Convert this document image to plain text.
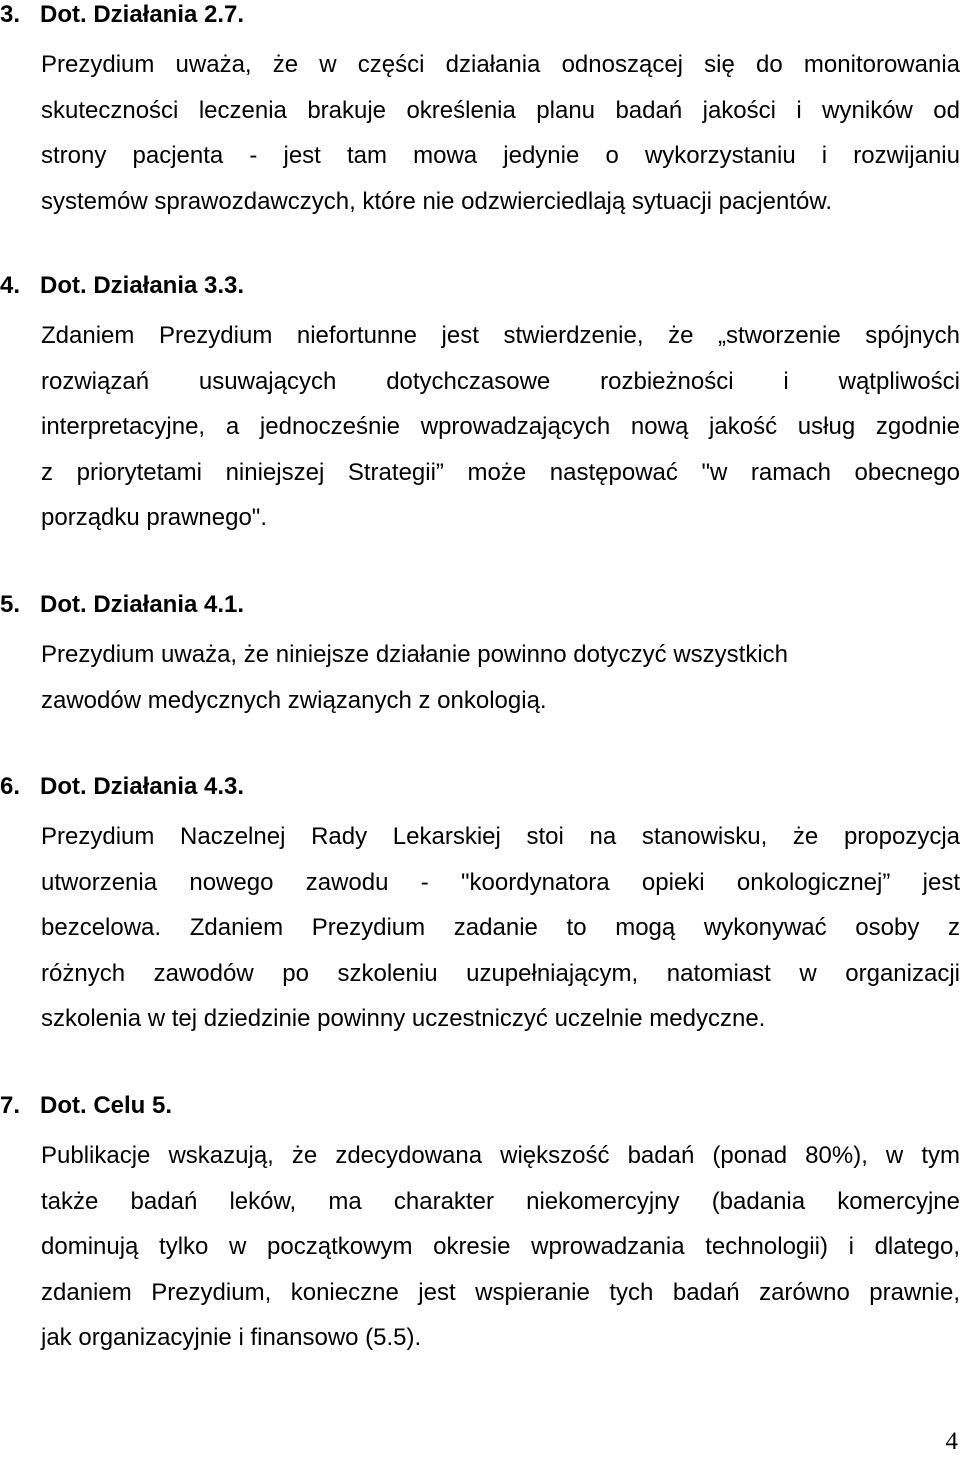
3. Dot. Działania 2.7.

Prezydium uważa, że w części działania odnoszącej się do monitorowania
skuteczności leczenia brakuje określenia planu badań jakości i wyników od
strony pacjenta - jest tam mowa jedynie o wykorzystaniu i rozwijaniu
systemów sprawozdawczych, które nie odzwierciedlają sytuacji pacjentów.

4. Dot. Działania 3.3.

Zdaniem Prezydium niefortunne jest stwierdzenie, że „stworzenie spójnych
rozwiązań usuwających dotychczasowe rozbieżności i wątpliwości
interpretacyjne, a jednocześnie wprowadzających nową jakość usług zgodnie
z priorytetami niniejszej Strategii” może następować "w ramach obecnego
porządku prawnego".

5. Dot. Działania 4.1.

Prezydium uważa, że niniejsze działanie powinno dotyczyć wszystkich
zawodów medycznych związanych z onkologią.

6. Dot. Działania 4.3.

Prezydium Naczelnej Rady Lekarskiej stoi na stanowisku, że propozycja
utworzenia nowego zawodu - "koordynatora opieki onkologicznej” jest
bezcelowa. Zdaniem Prezydium zadanie to mogą wykonywać osoby z
różnych zawodów po szkoleniu uzupełniającym, natomiast w organizacji
szkolenia w tej dziedzinie powinny uczestniczyć uczelnie medyczne.

7. Dot. Celu 5.

Publikacje wskazują, że zdecydowana większość badań (ponad 80%), w tym
także badań leków, ma charakter niekomercyjny (badania komercyjne
dominują tylko w początkowym okresie wprowadzania technologii) i dlatego,
zdaniem Prezydium, konieczne jest wspieranie tych badań zarówno prawnie,
jak organizacyjnie i finansowo (5.5).

4
